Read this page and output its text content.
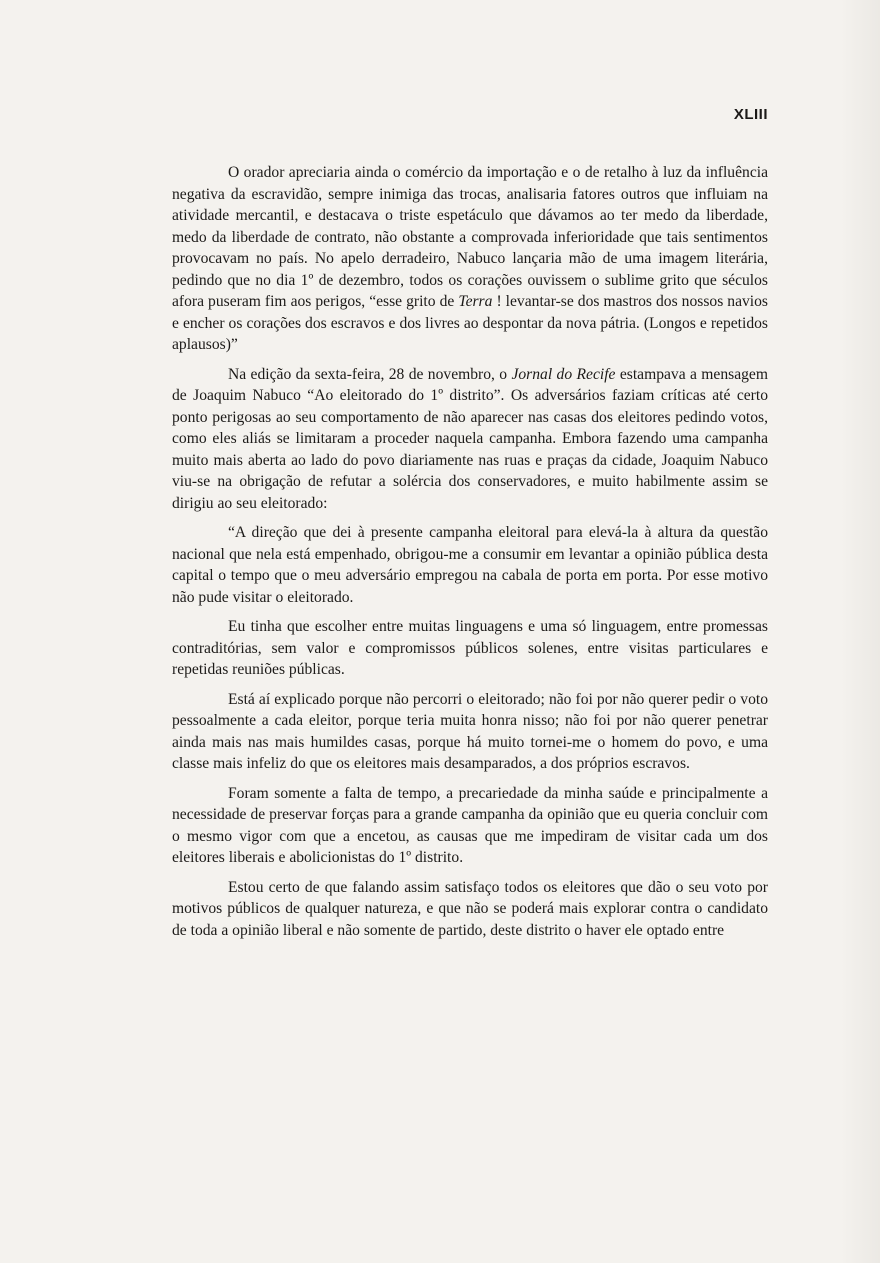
XLIII

O orador apreciaria ainda o comércio da importação e o de retalho à luz da influência negativa da escravidão, sempre inimiga das trocas, analisaria fatores outros que influiam na atividade mercantil, e destacava o triste espetáculo que dávamos ao ter medo da liberdade, medo da liberdade de contrato, não obstante a comprovada inferioridade que tais sentimentos provocavam no país. No apelo derradeiro, Nabuco lançaria mão de uma imagem literária, pedindo que no dia 1º de dezembro, todos os corações ouvissem o sublime grito que séculos afora puseram fim aos perigos, “esse grito de Terra ! levantar-se dos mastros dos nossos navios e encher os corações dos escravos e dos livres ao despontar da nova pátria. (Longos e repetidos aplausos)”

Na edição da sexta-feira, 28 de novembro, o Jornal do Recife estampava a mensagem de Joaquim Nabuco “Ao eleitorado do 1º distrito”. Os adversários faziam críticas até certo ponto perigosas ao seu comportamento de não aparecer nas casas dos eleitores pedindo votos, como eles aliás se limitaram a proceder naquela campanha. Embora fazendo uma campanha muito mais aberta ao lado do povo diariamente nas ruas e praças da cidade, Joaquim Nabuco viu-se na obrigação de refutar a solércia dos conservadores, e muito habilmente assim se dirigiu ao seu eleitorado:

“A direção que dei à presente campanha eleitoral para elevá-la à altura da questão nacional que nela está empenhado, obrigou-me a consumir em levantar a opinião pública desta capital o tempo que o meu adversário empregou na cabala de porta em porta. Por esse motivo não pude visitar o eleitorado.

Eu tinha que escolher entre muitas linguagens e uma só linguagem, entre promessas contraditórias, sem valor e compromissos públicos solenes, entre visitas particulares e repetidas reuniões públicas.

Está aí explicado porque não percorri o eleitorado; não foi por não querer pedir o voto pessoalmente a cada eleitor, porque teria muita honra nisso; não foi por não querer penetrar ainda mais nas mais humildes casas, porque há muito tornei-me o homem do povo, e uma classe mais infeliz do que os eleitores mais desamparados, a dos próprios escravos.

Foram somente a falta de tempo, a precariedade da minha saúde e principalmente a necessidade de preservar forças para a grande campanha da opinião que eu queria concluir com o mesmo vigor com que a encetou, as causas que me impediram de visitar cada um dos eleitores liberais e abolicionistas do 1º distrito.

Estou certo de que falando assim satisfaço todos os eleitores que dão o seu voto por motivos públicos de qualquer natureza, e que não se poderá mais explorar contra o candidato de toda a opinião liberal e não somente de partido, deste distrito o haver ele optado entre
